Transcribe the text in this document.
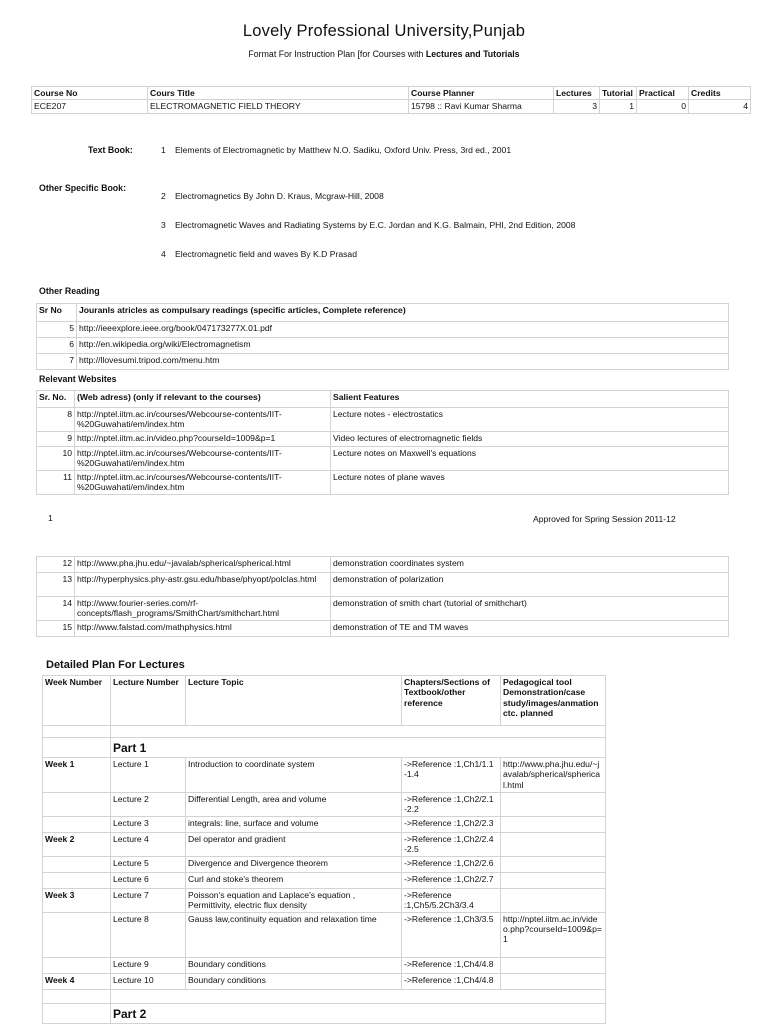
Lovely Professional University,Punjab
Format For Instruction Plan [for Courses with Lectures and Tutorials
Course No	Cours Title	Course Planner	Lectures	Tutorial	Practical	Credits
ECE207	ELECTROMAGNETIC FIELD THEORY	15798 :: Ravi Kumar Sharma	3	1	0	4
Text Book:	1 Elements of Electromagnetic by Matthew N.O. Sadiku, Oxford Univ. Press, 3rd ed., 2001
Other Specific Book:
2 Electromagnetics By John D. Kraus, Mcgraw-Hill, 2008
3 Electromagnetic Waves and Radiating Systems by E.C. Jordan and K.G. Balmain, PHI, 2nd Edition, 2008
4 Electromagnetic field and waves By K.D Prasad
Other Reading
Sr No	Jouranls atricles as compulsary readings (specific articles, Complete reference)
5	http://ieeexplore.ieee.org/book/047173277X.01.pdf
6	http://en.wikipedia.org/wiki/Electromagnetism
7	http://llovesumi.tripod.com/menu.htm
Relevant Websites
Sr. No.	(Web adress) (only if relevant to the courses)	Salient Features
8	http://nptel.iitm.ac.in/courses/Webcourse-contents/IIT-%20Guwahati/em/index.htm	Lecture notes - electrostatics
9	http://nptel.iitm.ac.in/video.php?courseId=1009&p=1	Video lectures of electromagnetic fields
10	http://nptel.iitm.ac.in/courses/Webcourse-contents/IIT-%20Guwahati/em/index.htm	Lecture notes on Maxwell's equations
11	http://nptel.iitm.ac.in/courses/Webcourse-contents/IIT-%20Guwahati/em/index.htm	Lecture notes of plane waves
1	Approved for Spring Session 2011-12
12	http://www.pha.jhu.edu/~javalab/spherical/spherical.html	demonstration coordinates system
13	http://hyperphysics.phy-astr.gsu.edu/hbase/phyopt/polclas.html	demonstration of polarization
14	http://www.fourier-series.com/rf-concepts/flash_programs/SmithChart/smithchart.html	demonstration of smith chart (tutorial of smithchart)
15	http://www.falstad.com/mathphysics.html	demonstration of TE and TM waves
Detailed Plan For Lectures
Week Number	Lecture Number	Lecture Topic	Chapters/Sections of Textbook/other reference	Pedagogical tool Demonstration/case study/images/anmation ctc. planned

	Part 1			
Week 1	Lecture 1	Introduction to coordinate system	->Reference :1,Ch1/1.1 -1.4	http://www.pha.jhu.edu/~javalab/spherical/spherical.html
	Lecture 2	Differential Length, area and volume	->Reference :1,Ch2/2.1 -2.2	
	Lecture 3	integrals: line, surface and volume	->Reference :1,Ch2/2.3	
Week 2	Lecture 4	Del operator and gradient	->Reference :1,Ch2/2.4 -2.5	
	Lecture 5	Divergence and Divergence theorem	->Reference :1,Ch2/2.6	
	Lecture 6	Curl and stoke's theorem	->Reference :1,Ch2/2.7	
Week 3	Lecture 7	Poisson's equation and Laplace's equation , Permittivity, electric flux density	->Reference :1,Ch5/5.2Ch3/3.4	
	Lecture 8	Gauss law,continuity equation and relaxation time	->Reference :1,Ch3/3.5	http://nptel.iitm.ac.in/video.php?courseId=1009&p=1
	Lecture 9	Boundary conditions	->Reference :1,Ch4/4.8	
Week 4	Lecture 10	Boundary conditions	->Reference :1,Ch4/4.8	

	Part 2			
